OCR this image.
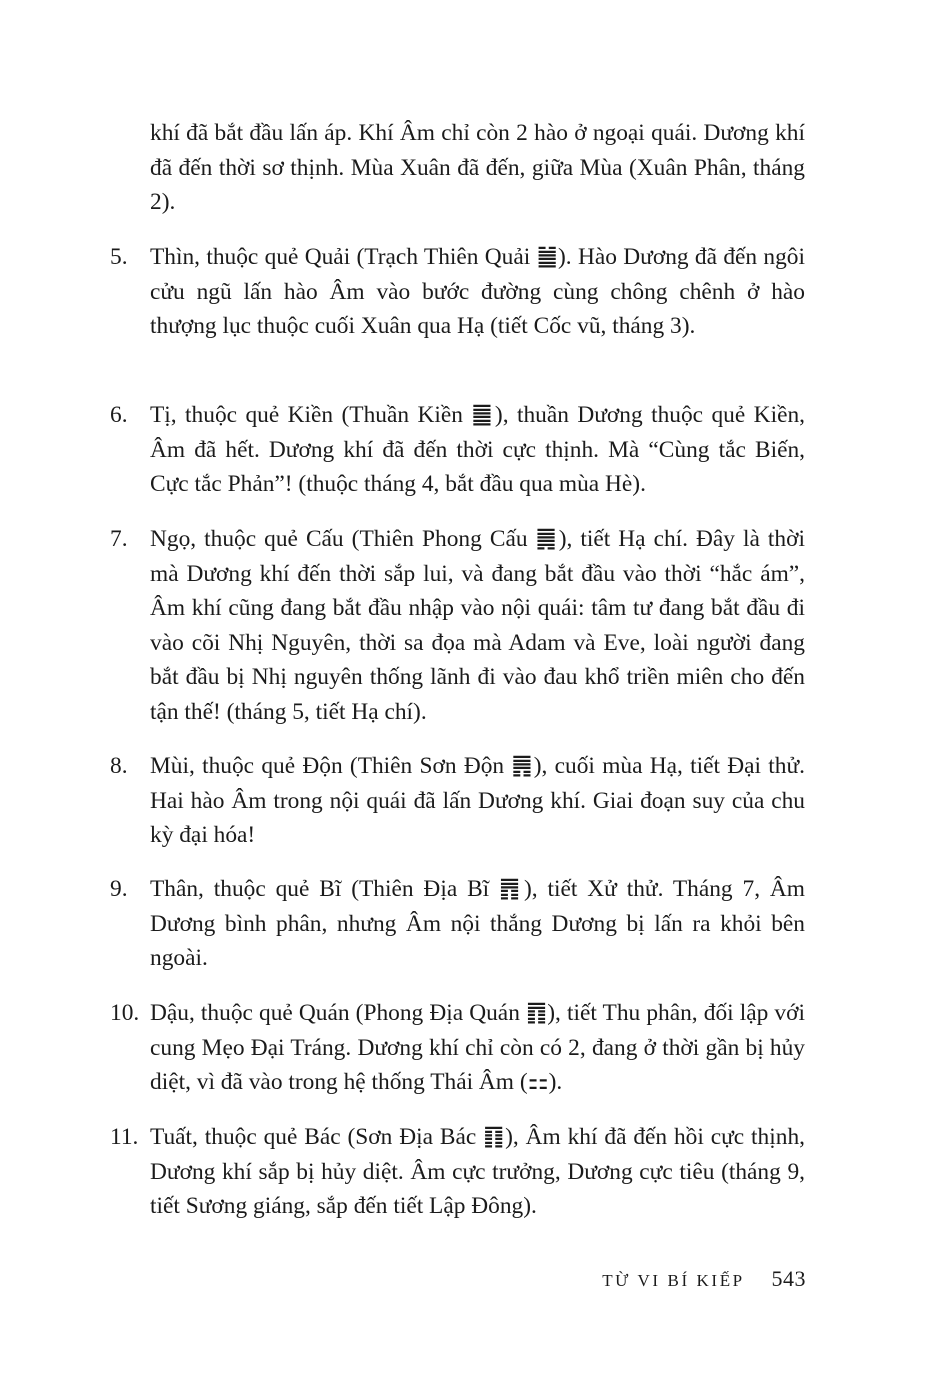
khí đã bắt đầu lấn áp. Khí Âm chỉ còn 2 hào ở ngoại quái. Dương khí đã đến thời sơ thịnh. Mùa Xuân đã đến, giữa Mùa (Xuân Phân, tháng 2).

5. Thìn, thuộc quẻ Quải (Trạch Thiên Quải ䷪). Hào Dương đã đến ngôi cửu ngũ lấn hào Âm vào bước đường cùng chông chênh ở hào thượng lục thuộc cuối Xuân qua Hạ (tiết Cốc vũ, tháng 3).
6. Tị, thuộc quẻ Kiền (Thuần Kiền ䷀), thuần Dương thuộc quẻ Kiền, Âm đã hết. Dương khí đã đến thời cực thịnh. Mà “Cùng tắc Biến, Cực tắc Phản”! (thuộc tháng 4, bắt đầu qua mùa Hè).
7. Ngọ, thuộc quẻ Cấu (Thiên Phong Cấu ䷫), tiết Hạ chí. Đây là thời mà Dương khí đến thời sắp lui, và đang bắt đầu vào thời “hắc ám”, Âm khí cũng đang bắt đầu nhập vào nội quái: tâm tư đang bắt đầu đi vào cõi Nhị Nguyên, thời sa đọa mà Adam và Eve, loài người đang bắt đầu bị Nhị nguyên thống lãnh đi vào đau khổ triền miên cho đến tận thế! (tháng 5, tiết Hạ chí).
8. Mùi, thuộc quẻ Độn (Thiên Sơn Độn ䷠), cuối mùa Hạ, tiết Đại thử. Hai hào Âm trong nội quái đã lấn Dương khí. Giai đoạn suy của chu kỳ đại hóa!
9. Thân, thuộc quẻ Bĩ (Thiên Địa Bĩ ䷋), tiết Xử thử. Tháng 7, Âm Dương bình phân, nhưng Âm nội thắng Dương bị lấn ra khỏi bên ngoài.
10. Dậu, thuộc quẻ Quán (Phong Địa Quán ䷓), tiết Thu phân, đối lập với cung Mẹo Đại Tráng. Dương khí chỉ còn có 2, đang ở thời gần bị hủy diệt, vì đã vào trong hệ thống Thái Âm (⚏).
11. Tuất, thuộc quẻ Bác (Sơn Địa Bác ䷖), Âm khí đã đến hồi cực thịnh, Dương khí sắp bị hủy diệt. Âm cực trưởng, Dương cực tiêu (tháng 9, tiết Sương giáng, sắp đến tiết Lập Đông).
TỪ VI BÍ KIẾP 543
